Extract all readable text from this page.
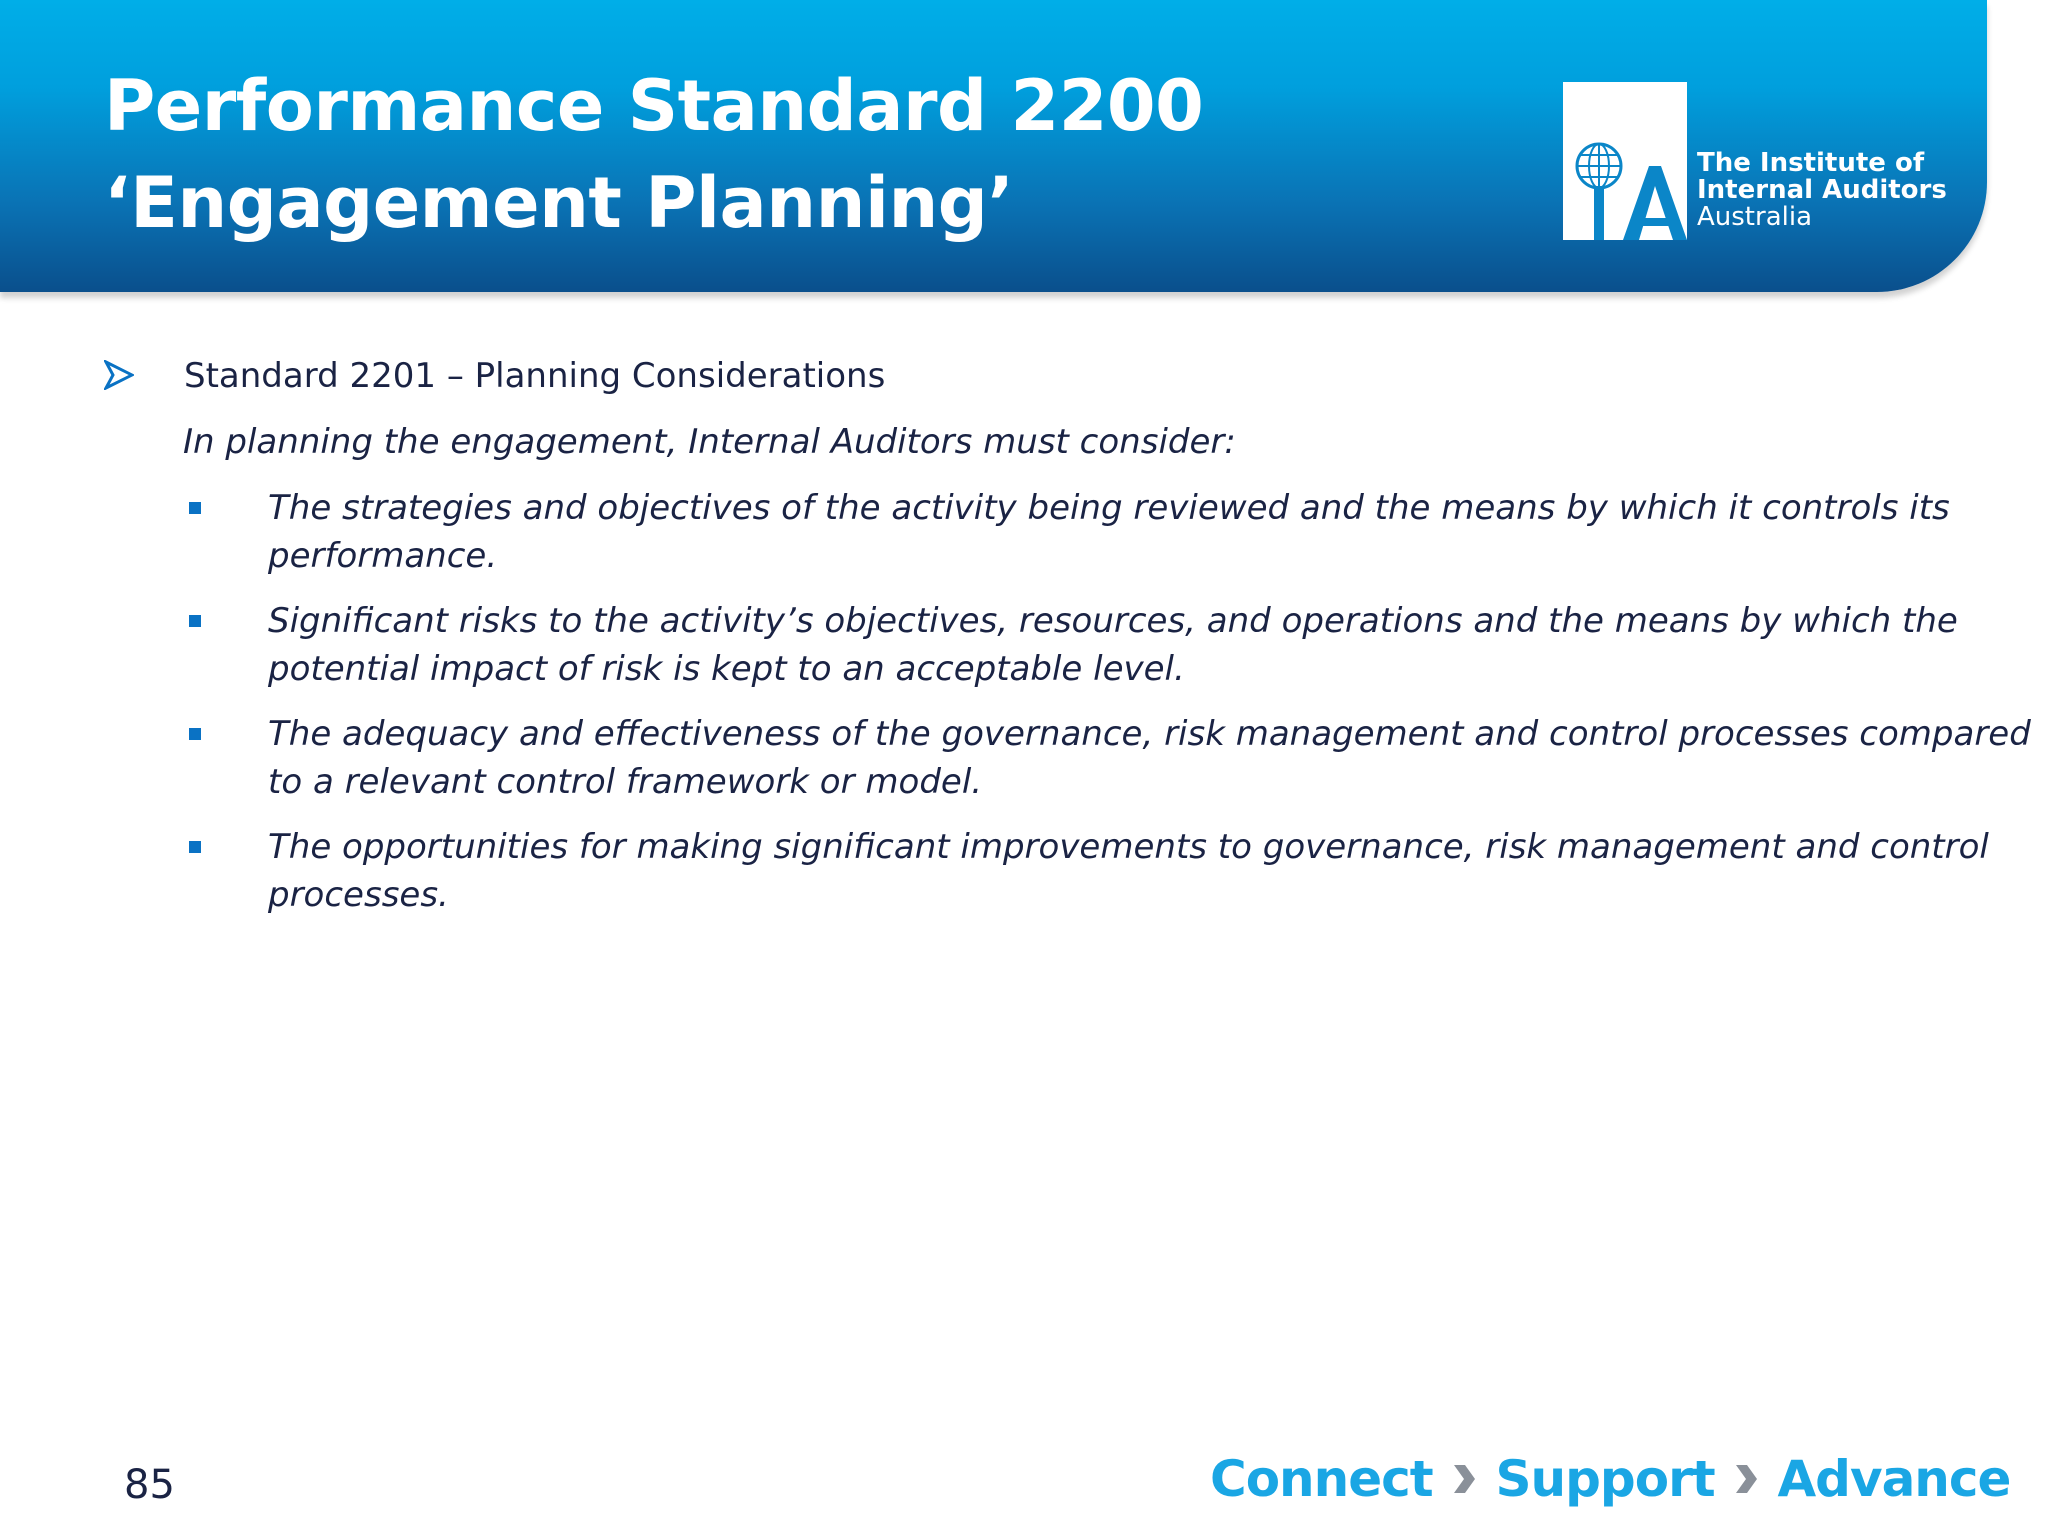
Performance Standard 2200
‘Engagement Planning’	The Institute of
Internal Auditors
Australia
Standard 2201 – Planning Considerations
In planning the engagement, Internal Auditors must consider:
The strategies and objectives of the activity being reviewed and the means by which it controls its
performance.
Significant risks to the activity’s objectives, resources, and operations and the means by which the
potential impact of risk is kept to an acceptable level.
The adequacy and effectiveness of the governance, risk management and control processes compared
to a relevant control framework or model.
The opportunities for making significant improvements to governance, risk management and control
processes.
85	Connect Support Advance
